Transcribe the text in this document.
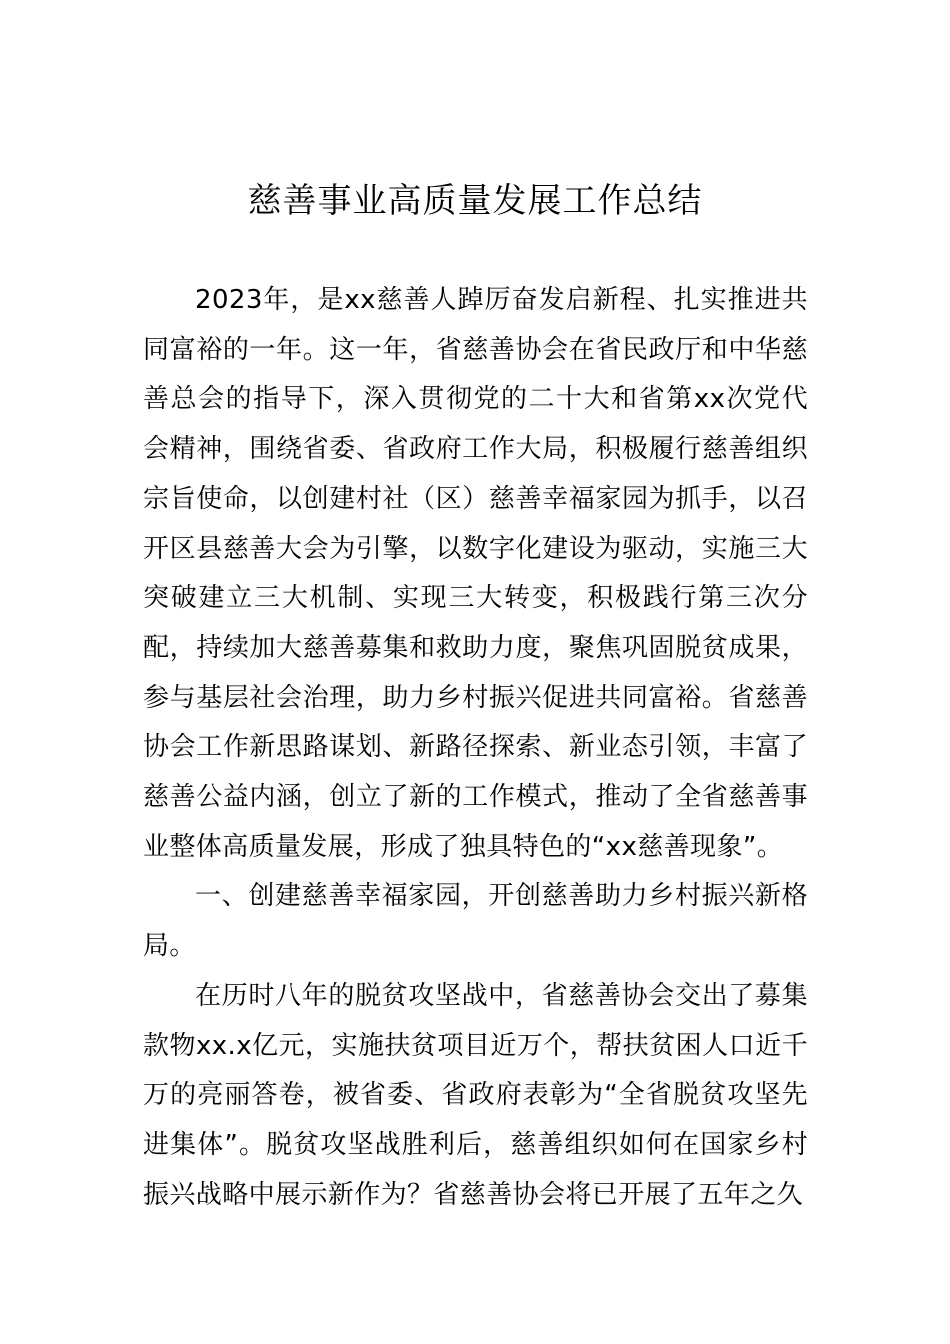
慈善事业高质量发展工作总结

2023年，是xx慈善人踔厉奋发启新程、扎实推进共同富裕的一年。这一年，省慈善协会在省民政厅和中华慈善总会的指导下，深入贯彻党的二十大和省第xx次党代会精神，围绕省委、省政府工作大局，积极履行慈善组织宗旨使命，以创建村社（区）慈善幸福家园为抓手，以召开区县慈善大会为引擎，以数字化建设为驱动，实施三大突破建立三大机制、实现三大转变，积极践行第三次分配，持续加大慈善募集和救助力度，聚焦巩固脱贫成果，参与基层社会治理，助力乡村振兴促进共同富裕。省慈善协会工作新思路谋划、新路径探索、新业态引领，丰富了慈善公益内涵，创立了新的工作模式，推动了全省慈善事业整体高质量发展，形成了独具特色的“xx慈善现象”。

一、创建慈善幸福家园，开创慈善助力乡村振兴新格局。

在历时八年的脱贫攻坚战中，省慈善协会交出了募集款物xx.x亿元，实施扶贫项目近万个，帮扶贫困人口近千万的亮丽答卷，被省委、省政府表彰为“全省脱贫攻坚先进集体”。脱贫攻坚战胜利后，慈善组织如何在国家乡村振兴战略中展示新作为？省慈善协会将已开展了五年之久
